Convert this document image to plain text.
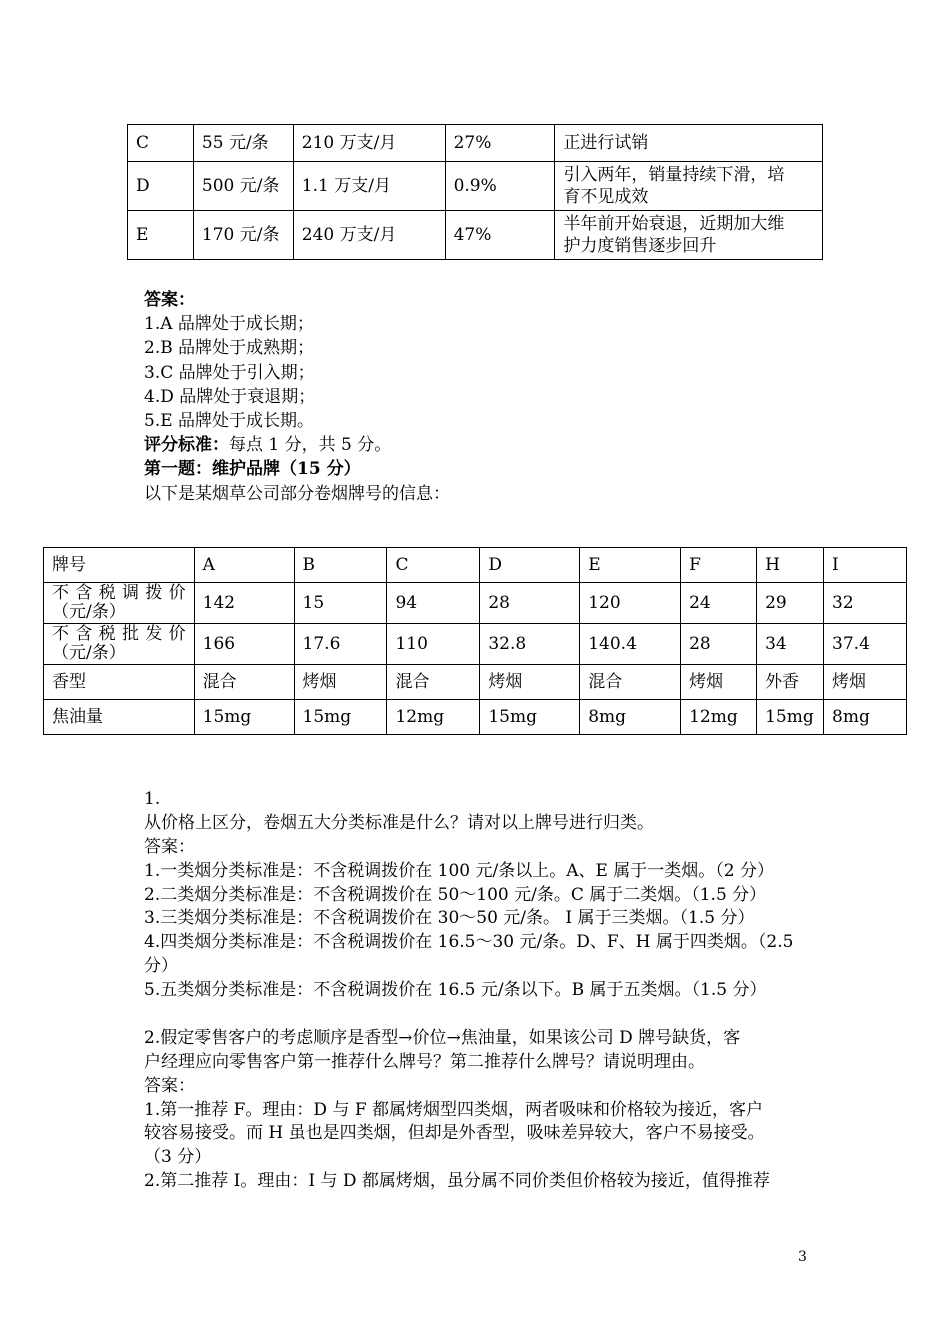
C	55 元/条	210 万支/月	27%	正进行试销
D	500 元/条	1.1 万支/月	0.9%	引入两年，销量持续下滑，培
育不见成效

E	170 元/条	240 万支/月	47%	半年前开始衰退，近期加大维
护力度销售逐步回升
答案：
1.A 品牌处于成长期；
2.B 品牌处于成熟期；
3.C 品牌处于引入期；
4.D 品牌处于衰退期；
5.E 品牌处于成长期。
评分标准：每点 1 分，共 5 分。
第一题：维护品牌（15 分）
以下是某烟草公司部分卷烟牌号的信息：
牌号	A	B	C	D	E	F	H	I

不含税调拨价
（元/条）	142	15	94	28	120	24	29	32

不含税批发价
（元/条）	166	17.6	110	32.8	140.4	28	34	37.4
香型	混合	烤烟	混合	烤烟	混合	烤烟	外香	烤烟
焦油量	15mg	15mg	12mg	15mg	8mg	12mg	15mg	8mg
1.
从价格上区分，卷烟五大分类标准是什么？请对以上牌号进行归类。
答案：
1.一类烟分类标准是：不含税调拨价在 100 元/条以上。A、E 属于一类烟。（2 分）
2.二类烟分类标准是：不含税调拨价在 50～100 元/条。C 属于二类烟。（1.5 分）
3.三类烟分类标准是：不含税调拨价在 30～50 元/条。 I 属于三类烟。（1.5 分）
4.四类烟分类标准是：不含税调拨价在 16.5～30 元/条。D、F、H 属于四类烟。（2.5
分）
5.五类烟分类标准是：不含税调拨价在 16.5 元/条以下。B 属于五类烟。（1.5 分）
2.假定零售客户的考虑顺序是香型→价位→焦油量，如果该公司 D 牌号缺货，客
户经理应向零售客户第一推荐什么牌号？第二推荐什么牌号？请说明理由。
答案：
1.第一推荐 F。理由：D 与 F 都属烤烟型四类烟，两者吸味和价格较为接近，客户
较容易接受。而 H 虽也是四类烟，但却是外香型，吸味差异较大，客户不易接受。
（3 分）
2.第二推荐 I。理由：I 与 D 都属烤烟，虽分属不同价类但价格较为接近，值得推荐
3
